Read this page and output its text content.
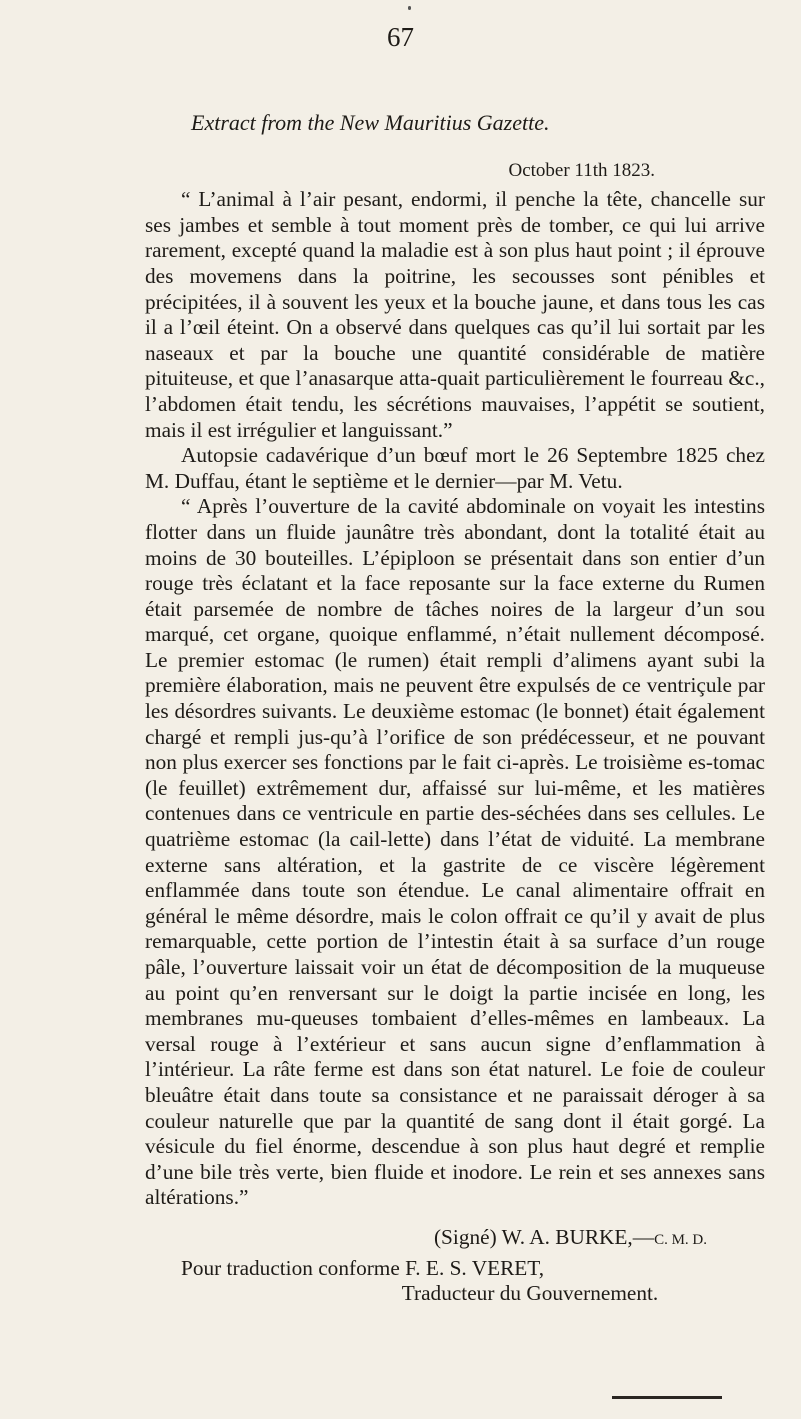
67

Extract from the New Mauritius Gazette.

October 11th 1823.

“ L’animal à l’air pesant, endormi, il penche la tête, chancelle sur ses jambes et semble à tout moment près de tomber, ce qui lui arrive rarement, excepté quand la maladie est à son plus haut point ; il éprouve des movemens dans la poitrine, les secousses sont pénibles et précipitées, il à souvent les yeux et la bouche jaune, et dans tous les cas il a l’œil éteint. On a observé dans quelques cas qu’il lui sortait par les naseaux et par la bouche une quantité considérable de matière pituiteuse, et que l’anasarque atta-quait particulièrement le fourreau &c., l’abdomen était tendu, les sécrétions mauvaises, l’appétit se soutient, mais il est irrégulier et languissant.”

Autopsie cadavérique d’un bœuf mort le 26 Septembre 1825 chez M. Duffau, étant le septième et le dernier—par M. Vetu.

“ Après l’ouverture de la cavité abdominale on voyait les intestins flotter dans un fluide jaunâtre très abondant, dont la totalité était au moins de 30 bouteilles. L’épiploon se présentait dans son entier d’un rouge très éclatant et la face reposante sur la face externe du Rumen était parsemée de nombre de tâches noires de la largeur d’un sou marqué, cet organe, quoique enflammé, n’était nullement décomposé. Le premier estomac (le rumen) était rempli d’alimens ayant subi la première élaboration, mais ne peuvent être expulsés de ce ventriçule par les désordres suivants. Le deuxième estomac (le bonnet) était également chargé et rempli jus-qu’à l’orifice de son prédécesseur, et ne pouvant non plus exercer ses fonctions par le fait ci-après. Le troisième es-tomac (le feuillet) extrêmement dur, affaissé sur lui-même, et les matières contenues dans ce ventricule en partie des-séchées dans ses cellules. Le quatrième estomac (la cail-lette) dans l’état de viduité. La membrane externe sans altération, et la gastrite de ce viscère légèrement enflammée dans toute son étendue. Le canal alimentaire offrait en général le même désordre, mais le colon offrait ce qu’il y avait de plus remarquable, cette portion de l’intestin était à sa surface d’un rouge pâle, l’ouverture laissait voir un état de décomposition de la muqueuse au point qu’en renversant sur le doigt la partie incisée en long, les membranes mu-queuses tombaient d’elles-mêmes en lambeaux. La versal rouge à l’extérieur et sans aucun signe d’enflammation à l’intérieur. La râte ferme est dans son état naturel. Le foie de couleur bleuâtre était dans toute sa consistance et ne paraissait déroger à sa couleur naturelle que par la quantité de sang dont il était gorgé. La vésicule du fiel énorme, descendue à son plus haut degré et remplie d’une bile très verte, bien fluide et inodore. Le rein et ses annexes sans altérations.”

(Signé) W. A. BURKE,—C. M. D.

Pour traduction conforme F. E. S. VERET,

Traducteur du Gouvernement.
